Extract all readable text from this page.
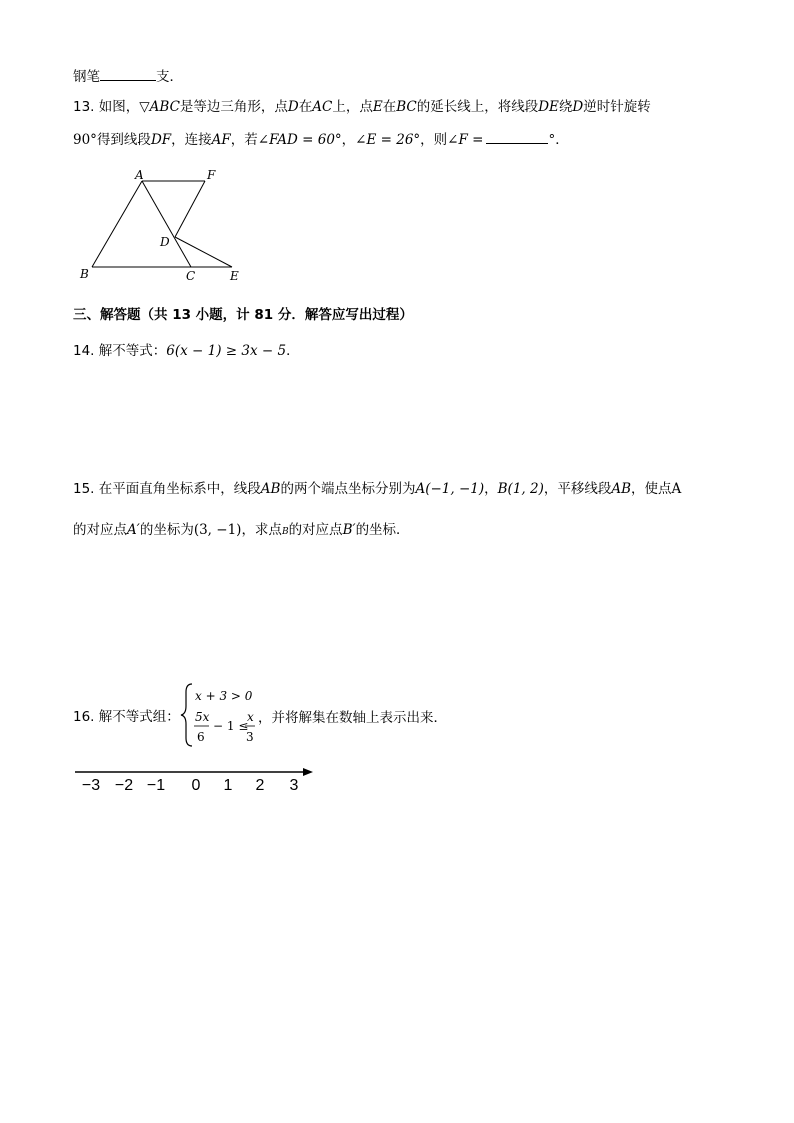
钢笔	支．
13. 如图，▽ABC是等边三角形，点D在AC上，点E在BC的延长线上，将线段DE绕D逆时针旋转
90°得到线段DF，连接AF，若∠FAD = 60°，∠E = 26°，则∠F =	°．
A	F
D
B	C	E
三、解答题（共 13 小题，计 81 分．解答应写出过程）
14. 解不等式：6(x − 1) ≥ 3x − 5．
15. 在平面直角坐标系中，线段AB的两个端点坐标分别为A(−1, −1)，B(1, 2)，平移线段AB，使点A
的对应点A′的坐标为(3, −1)，求点B的对应点B′的坐标．
16. 解不等式组：
x + 3 > 0
5x
6
− 1 ≤
x
3
，并将解集在数轴上表示出来．
−3 −2 −1 0 1 2 3
